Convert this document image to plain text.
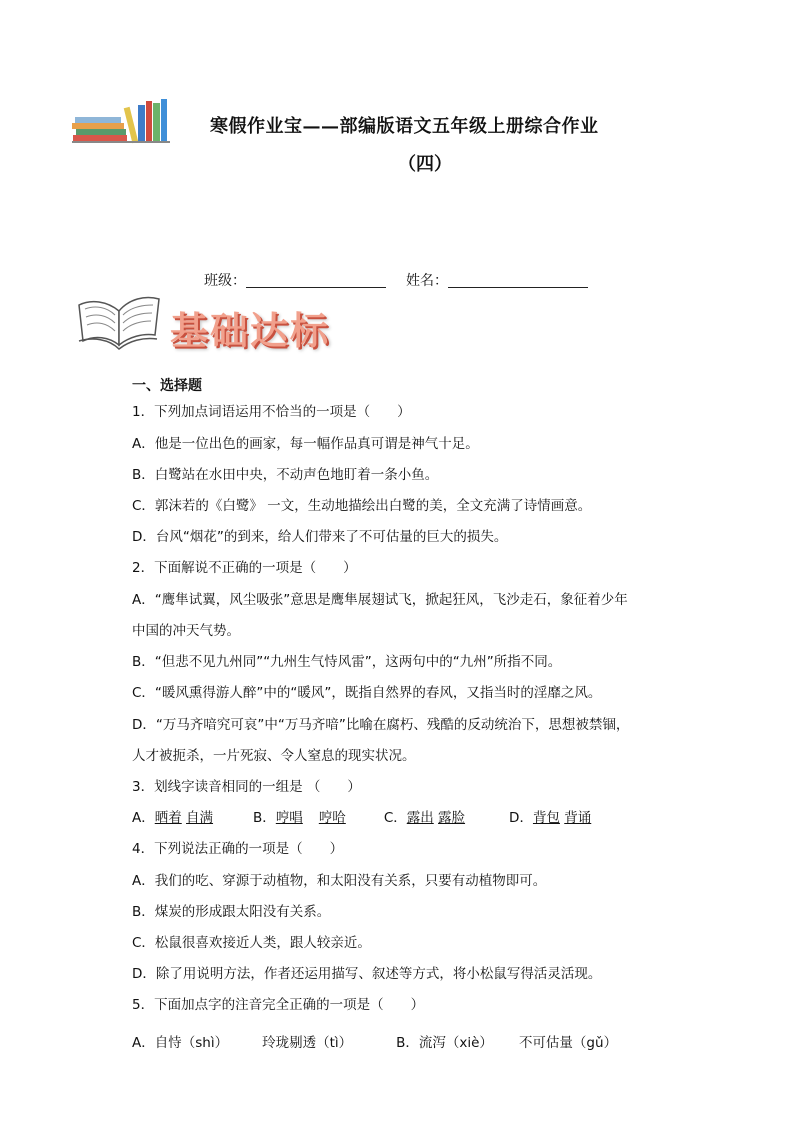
寒假作业宝——部编版语文五年级上册综合作业
（四）
班级：	姓名：
基础达标
一、选择题
1．下列加点词语运用不恰当的一项是（　　）
A．他是一位出色的画家，每一幅作品真可谓是神气十足。
B．白鹭站在水田中央，不动声色地盯着一条小鱼。
C．郭沫若的《白鹭》 一文，生动地描绘出白鹭的美，全文充满了诗情画意。
D．台风“烟花”的到来，给人们带来了不可估量的巨大的损失。
2．下面解说不正确的一项是（　　）
A．“鹰隼试翼，风尘吸张”意思是鹰隼展翅试飞，掀起狂风，飞沙走石，象征着少年
中国的冲天气势。
B．“但悲不见九州同”“九州生气恃风雷”，这两句中的“九州”所指不同。
C．“暖风熏得游人醉”中的“暖风”，既指自然界的春风，又指当时的淫靡之风。
D．“万马齐喑究可哀”中“万马齐喑”比喻在腐朽、残酷的反动统治下，思想被禁锢，
人才被扼杀，一片死寂、令人窒息的现实状况。
3．划线字读音相同的一组是 （　　）
A．晒着 自满	B．哼唱 哼哈	C．露出 露脸	D．背包 背诵
4．下列说法正确的一项是（　　）
A．我们的吃、穿源于动植物，和太阳没有关系，只要有动植物即可。
B．煤炭的形成跟太阳没有关系。
C．松鼠很喜欢接近人类，跟人较亲近。
D．除了用说明方法，作者还运用描写、叙述等方式，将小松鼠写得活灵活现。
5．下面加点字的注音完全正确的一项是（　　）
A．自恃（shì）	玲珑剔透（tì）	B．流泻（xiè） 不可估量（gǔ）
